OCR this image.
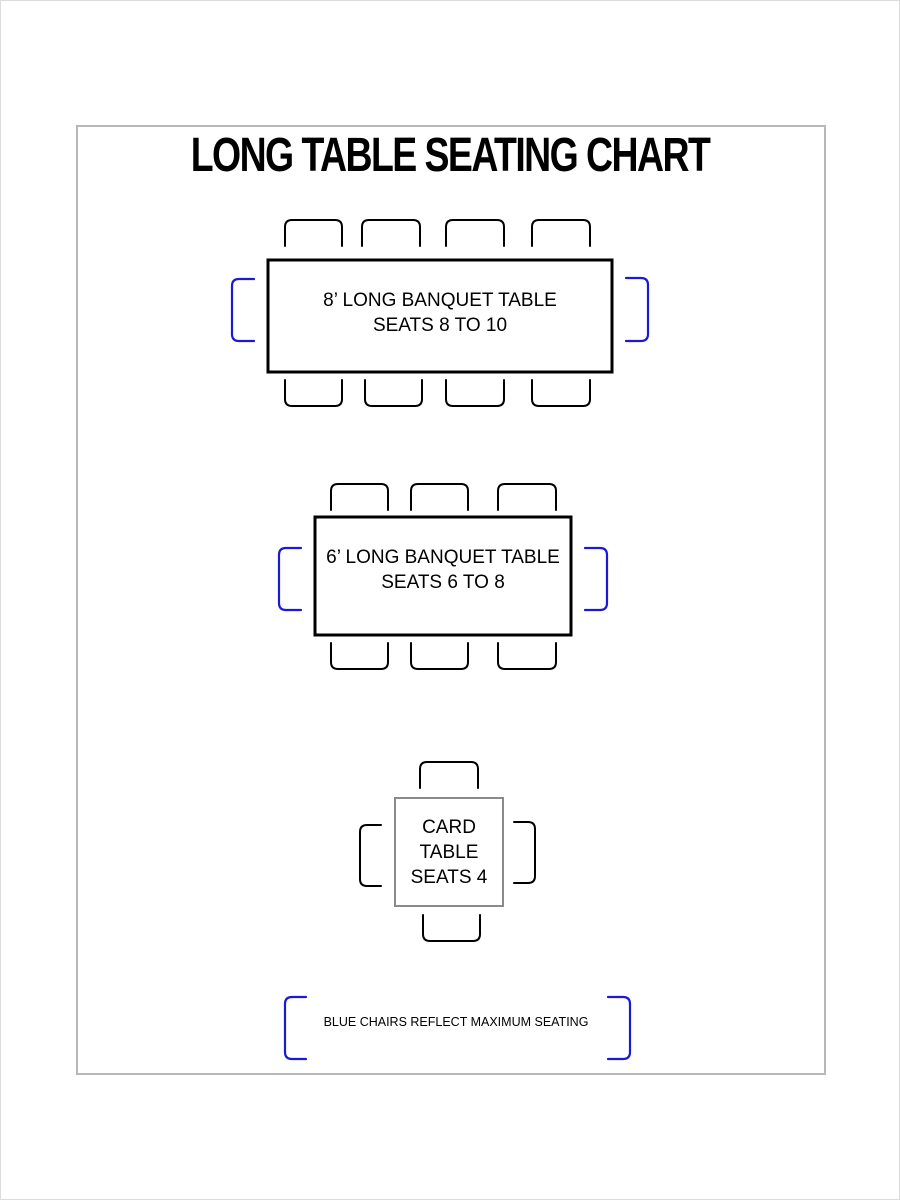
LONG TABLE SEATING CHART
8’ LONG BANQUET TABLE
SEATS 8 TO 10
6’ LONG BANQUET TABLE
SEATS 6 TO 8
CARD
TABLE
SEATS 4
BLUE CHAIRS REFLECT MAXIMUM SEATING
